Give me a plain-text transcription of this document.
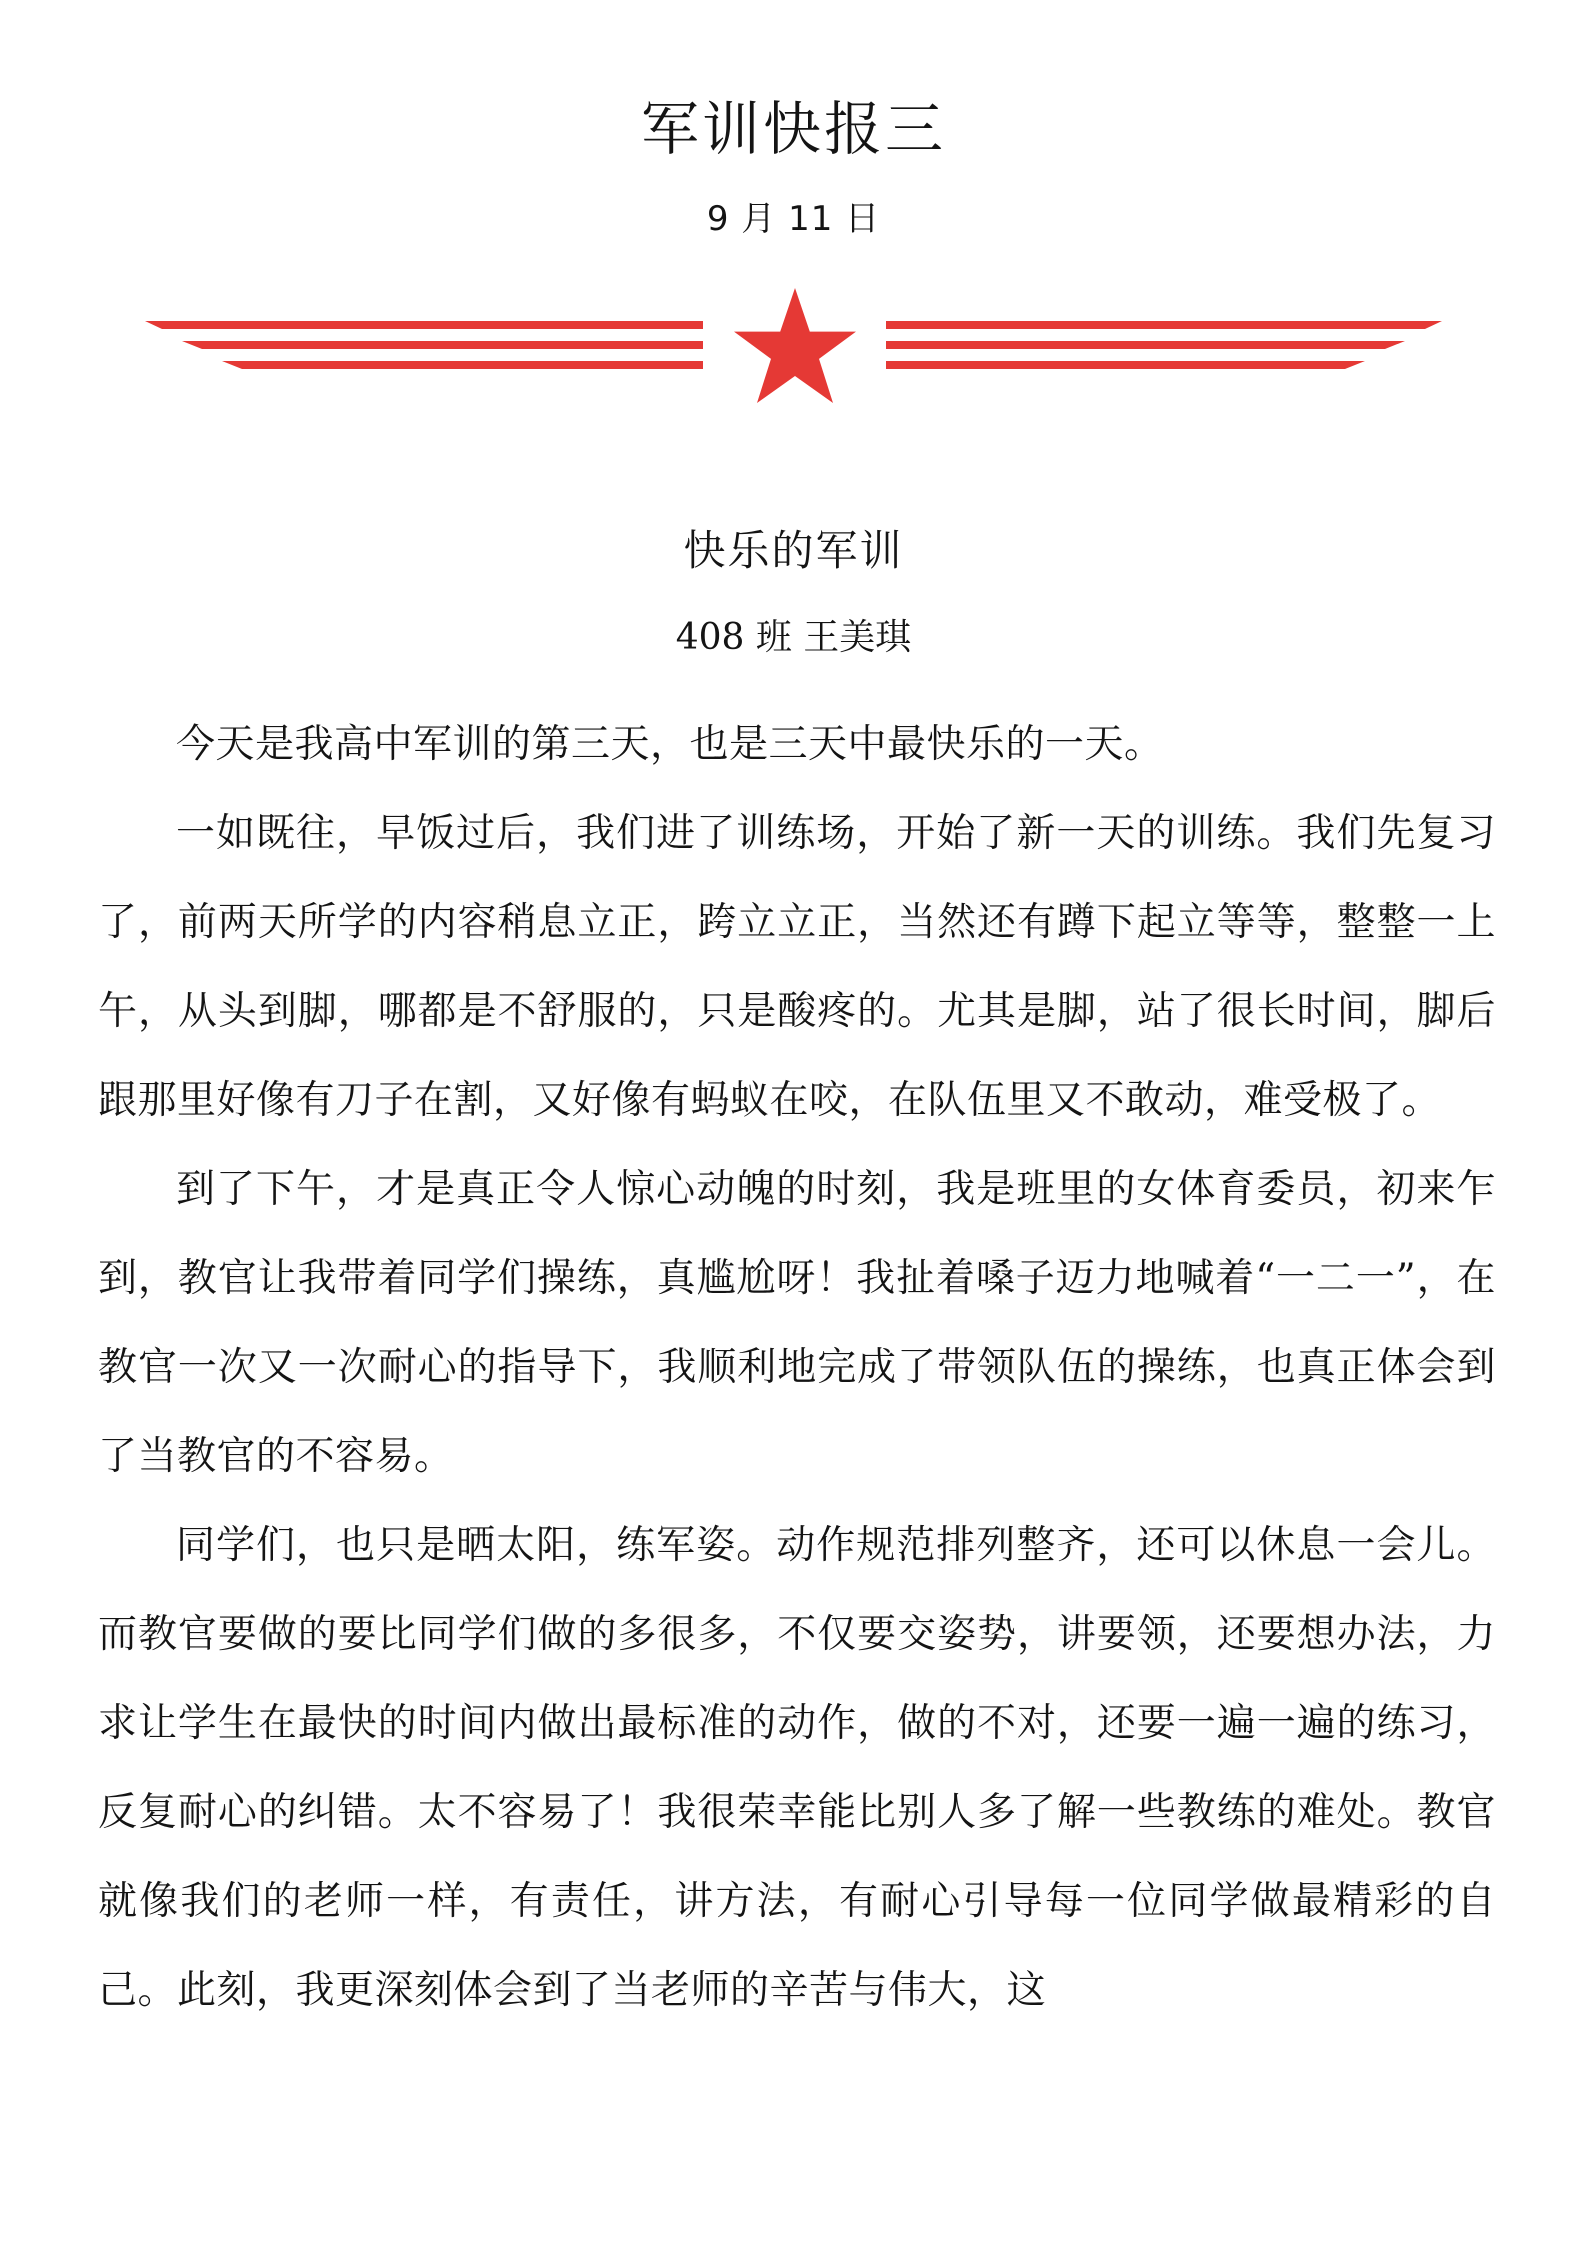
军训快报三
9 月 11 日
快乐的军训
408 班 王美琪

今天是我高中军训的第三天，也是三天中最快乐的一天。

一如既往，早饭过后，我们进了训练场，开始了新一天的训练。我们先复习了，前两天所学的内容稍息立正，跨立立正，当然还有蹲下起立等等，整整一上午，从头到脚，哪都是不舒服的，只是酸疼的。尤其是脚，站了很长时间，脚后跟那里好像有刀子在割，又好像有蚂蚁在咬，在队伍里又不敢动，难受极了。

到了下午，才是真正令人惊心动魄的时刻，我是班里的女体育委员，初来乍到，教官让我带着同学们操练，真尴尬呀！我扯着嗓子迈力地喊着“一二一”，在教官一次又一次耐心的指导下，我顺利地完成了带领队伍的操练，也真正体会到了当教官的不容易。

同学们，也只是晒太阳，练军姿。动作规范排列整齐，还可以休息一会儿。而教官要做的要比同学们做的多很多，不仅要交姿势，讲要领，还要想办法，力求让学生在最快的时间内做出最标准的动作，做的不对，还要一遍一遍的练习，反复耐心的纠错。太不容易了！我很荣幸能比别人多了解一些教练的难处。教官就像我们的老师一样，有责任，讲方法，有耐心引导每一位同学做最精彩的自己。此刻，我更深刻体会到了当老师的辛苦与伟大，这
